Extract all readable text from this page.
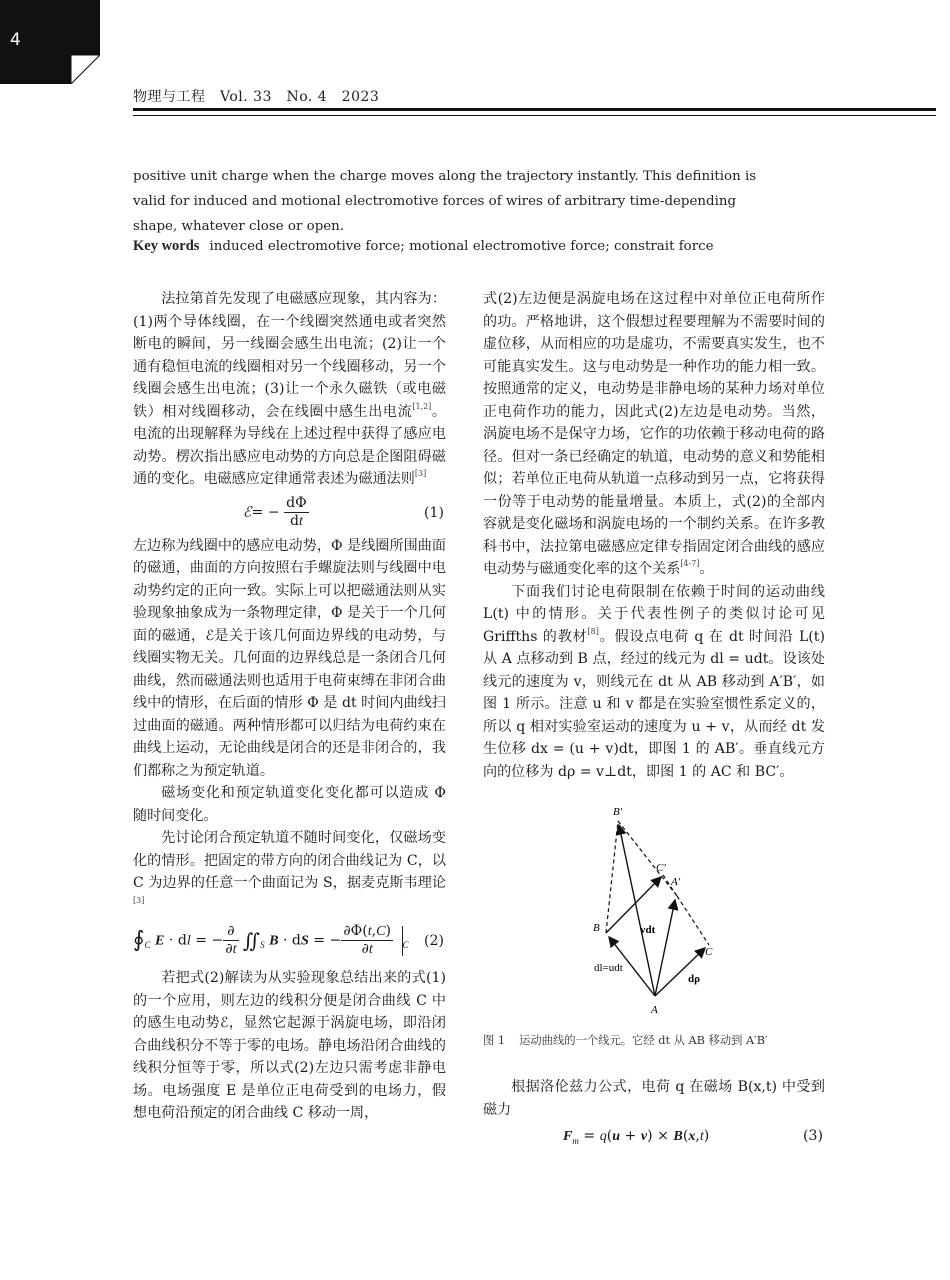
4
物理与工程　Vol. 33　No. 4　2023

positive unit charge when the charge moves along the trajectory instantly. This definition is

valid for induced and motional electromotive forces of wires of arbitrary time-depending

shape, whatever close or open.

Key words induced electromotive force; motional electromotive force; constrait force

法拉第首先发现了电磁感应现象，其内容为：(1)两个导体线圈，在一个线圈突然通电或者突然断电的瞬间，另一线圈会感生出电流；(2)让一个通有稳恒电流的线圈相对另一个线圈移动，另一个线圈会感生出电流；(3)让一个永久磁铁（或电磁铁）相对线圈移动，会在线圈中感生出电流[1,2]。电流的出现解释为导线在上述过程中获得了感应电动势。楞次指出感应电动势的方向总是企图阻碍磁通的变化。电磁感应定律通常表述为磁通法则[3]

ℰ= − $\frac{d\Phi}{dt}$	(1)

左边称为线圈中的感应电动势，Φ 是线圈所围曲面的磁通，曲面的方向按照右手螺旋法则与线圈中电动势约定的正向一致。实际上可以把磁通法则从实验现象抽象成为一条物理定律，Φ 是关于一个几何面的磁通，ℰ是关于该几何面边界线的电动势，与线圈实物无关。几何面的边界线总是一条闭合几何曲线，然而磁通法则也适用于电荷束缚在非闭合曲线中的情形，在后面的情形 Φ 是 dt 时间内曲线扫过曲面的磁通。两种情形都可以归结为电荷约束在曲线上运动，无论曲线是闭合的还是非闭合的，我们都称之为预定轨道。

磁场变化和预定轨道变化变化都可以造成 Φ 随时间变化。

先讨论闭合预定轨道不随时间变化，仅磁场变化的情形。把固定的带方向的闭合曲线记为 C，以 C 为边界的任意一个曲面记为 S，据麦克斯韦理论[3]

$∮_C$ E · dl = − $\frac{\partial}{\partial t}$ $∬_S$ B · dS = − $\frac{\partial\Phi(t,C)}{\partial t} _C$ (2)

若把式(2)解读为从实验现象总结出来的式(1)的一个应用，则左边的线积分便是闭合曲线 C 中的感生电动势ℰ，显然它起源于涡旋电场，即沿闭合曲线积分不等于零的电场。静电场沿闭合曲线的线积分恒等于零，所以式(2)左边只需考虑非静电场。电场强度 E 是单位正电荷受到的电场力，假想电荷沿预定的闭合曲线 C 移动一周，

式(2)左边便是涡旋电场在这过程中对单位正电荷所作的功。严格地讲，这个假想过程要理解为不需要时间的虚位移，从而相应的功是虚功，不需要真实发生，也不可能真实发生。这与电动势是一种作功的能力相一致。按照通常的定义，电动势是非静电场的某种力场对单位正电荷作功的能力，因此式(2)左边是电动势。当然，涡旋电场不是保守力场，它作的功依赖于移动电荷的路径。但对一条已经确定的轨道，电动势的意义和势能相似；若单位正电荷从轨道一点移动到另一点，它将获得一份等于电动势的能量增量。本质上，式(2)的全部内容就是变化磁场和涡旋电场的一个制约关系。在许多教科书中，法拉第电磁感应定律专指固定闭合曲线的感应电动势与磁通变化率的这个关系[4-7]。

下面我们讨论电荷限制在依赖于时间的运动曲线 L(t) 中的情形。关于代表性例子的类似讨论可见 Griffths 的教材[8]。假设点电荷 q 在 dt 时间沿 L(t) 从 A 点移动到 B 点，经过的线元为 dl = udt。设该处线元的速度为 v，则线元在 dt 从 AB 移动到 A′B′，如图 1 所示。注意 u 和 v 都是在实验室惯性系定义的，所以 q 相对实验室运动的速度为 u + v，从而经 dt 发生位移 dx = (u + v)dt，即图 1 的 AB′。垂直线元方向的位移为 dρ = v⊥dt，即图 1 的 AC 和 BC′。

B′
C′
A′
B	vdt
C
dl=udt
dρ
A
图 1 运动曲线的一个线元。它经 dt 从 AB 移动到 A′B′

根据洛伦兹力公式，电荷 q 在磁场 B(x,t) 中受到磁力

$F_m = q(u + v) \times B(x,t)$	(3)
